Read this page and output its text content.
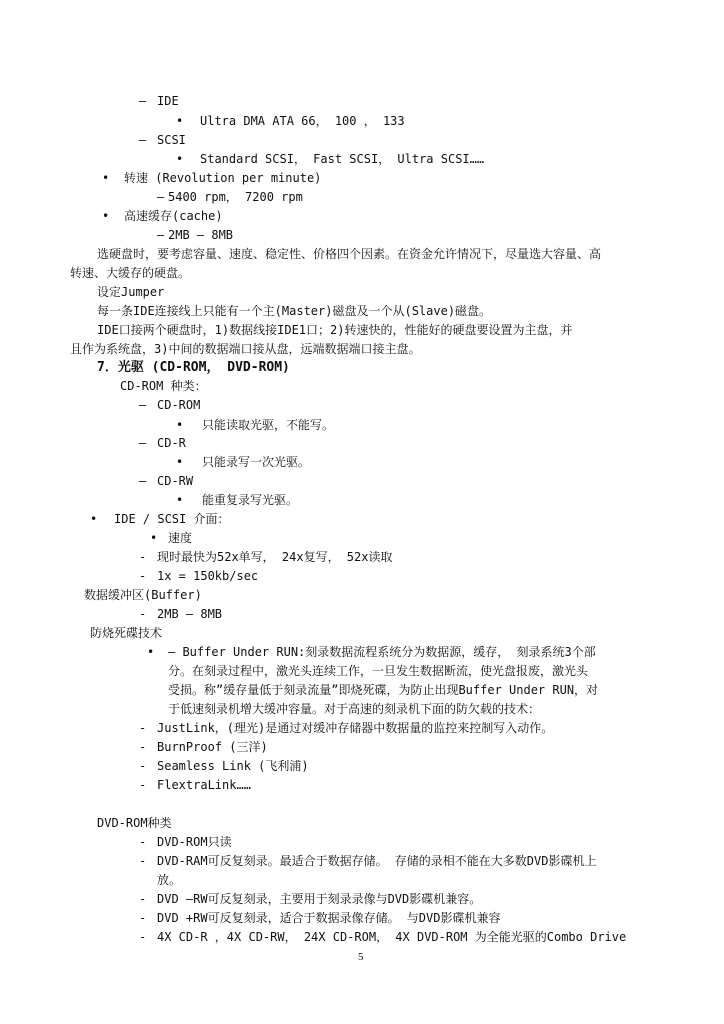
– IDE
• Ultra DMA ATA 66， 100 ， 133
– SCSI
• Standard SCSI， Fast SCSI， Ultra SCSI……
• 转速 (Revolution per minute)
– 5400 rpm， 7200 rpm
• 高速缓存(cache)
– 2MB – 8MB
选硬盘时，要考虑容量、速度、稳定性、价格四个因素。在资金允许情况下，尽量选大容量、高
转速、大缓存的硬盘。
设定Jumper
每一条IDE连接线上只能有一个主(Master)磁盘及一个从(Slave)磁盘。
IDE口接两个硬盘时，1)数据线接IDE1口；2)转速快的，性能好的硬盘要设置为主盘，并
且作为系统盘，3)中间的数据端口接从盘，远端数据端口接主盘。
7．光驱 (CD-ROM， DVD-ROM)
CD-ROM 种类：
– CD-ROM
• 只能读取光驱，不能写。
– CD-R
• 只能录写一次光驱。
– CD-RW
• 能重复录写光驱。
• IDE / SCSI 介面：
• 速度
- 现时最快为52x单写， 24x复写， 52x读取
- 1x = 150kb/sec
数据缓冲区(Buffer)
- 2MB – 8MB
防烧死碟技术
• – Buffer Under RUN:刻录数据流程系统分为数据源，缓存， 刻录系统3个部
分。在刻录过程中，激光头连续工作，一旦发生数据断流，使光盘报废，激光头
受损。称”缓存量低于刻录流量”即烧死碟，为防止出现Buffer Under RUN，对
于低速刻录机增大缓冲容量。对于高速的刻录机下面的防欠载的技术：
- JustLink，(理光)是通过对缓冲存储器中数据量的监控来控制写入动作。
- BurnProof (三洋)
- Seamless Link (飞利浦)
- FlextraLink……
DVD-ROM种类
- DVD-ROM只读
- DVD-RAM可反复刻录。最适合于数据存储。 存储的录相不能在大多数DVD影碟机上
放。
- DVD –RW可反复刻录，主要用于刻录录像与DVD影碟机兼容。
- DVD +RW可反复刻录，适合于数据录像存储。 与DVD影碟机兼容
- 4X CD-R ，4X CD-RW， 24X CD-ROM， 4X DVD-ROM 为全能光驱的Combo Drive
5
